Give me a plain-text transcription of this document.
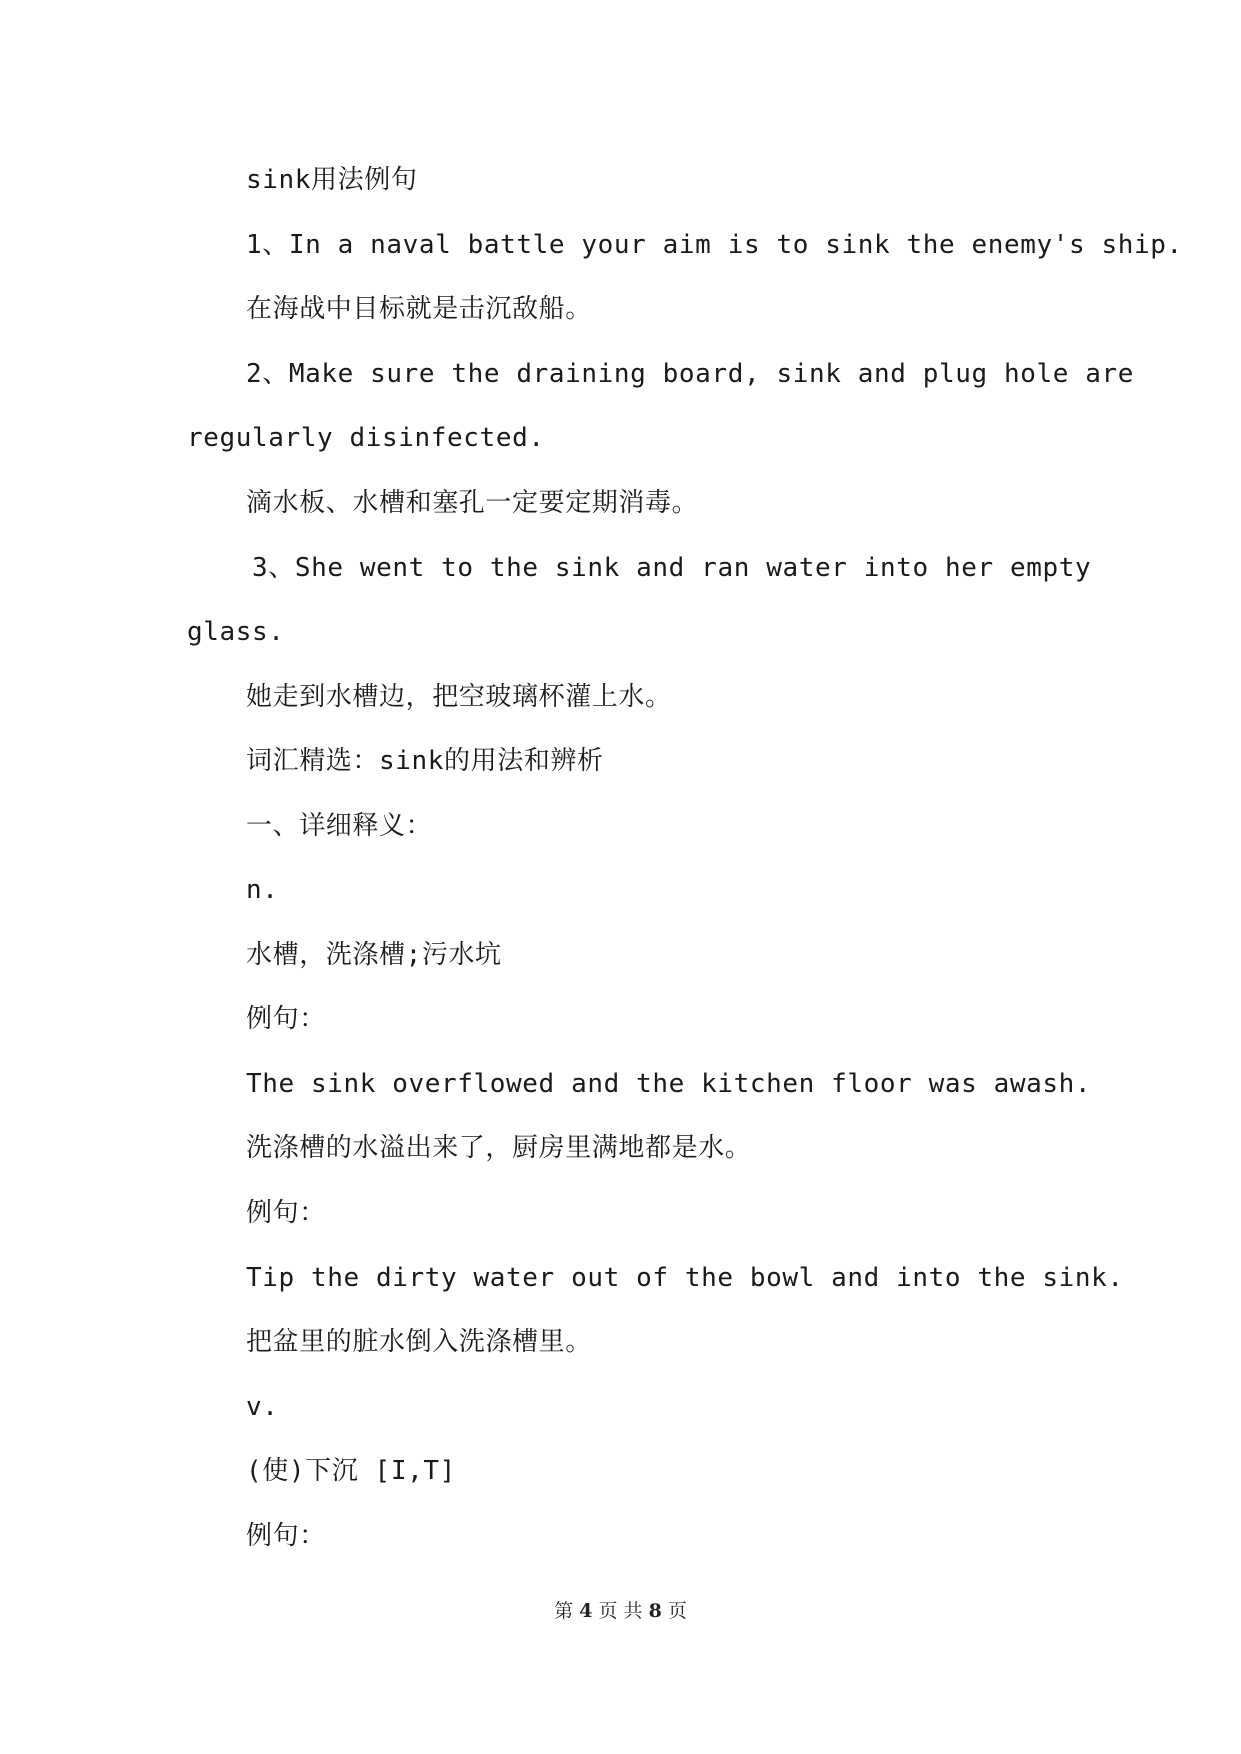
sink用法例句
1、In a naval battle your aim is to sink the enemy's ship.
在海战中目标就是击沉敌船。
2、Make sure the draining board, sink and plug hole are
regularly disinfected.
滴水板、水槽和塞孔一定要定期消毒。
3、She went to the sink and ran water into her empty
glass.
她走到水槽边，把空玻璃杯灌上水。
词汇精选：sink的用法和辨析
一、详细释义：
n.
水槽，洗涤槽;污水坑
例句：
The sink overflowed and the kitchen floor was awash.
洗涤槽的水溢出来了，厨房里满地都是水。
例句：
Tip the dirty water out of the bowl and into the sink.
把盆里的脏水倒入洗涤槽里。
v.
(使)下沉 [I,T]
例句：
第 4 页 共 8 页
